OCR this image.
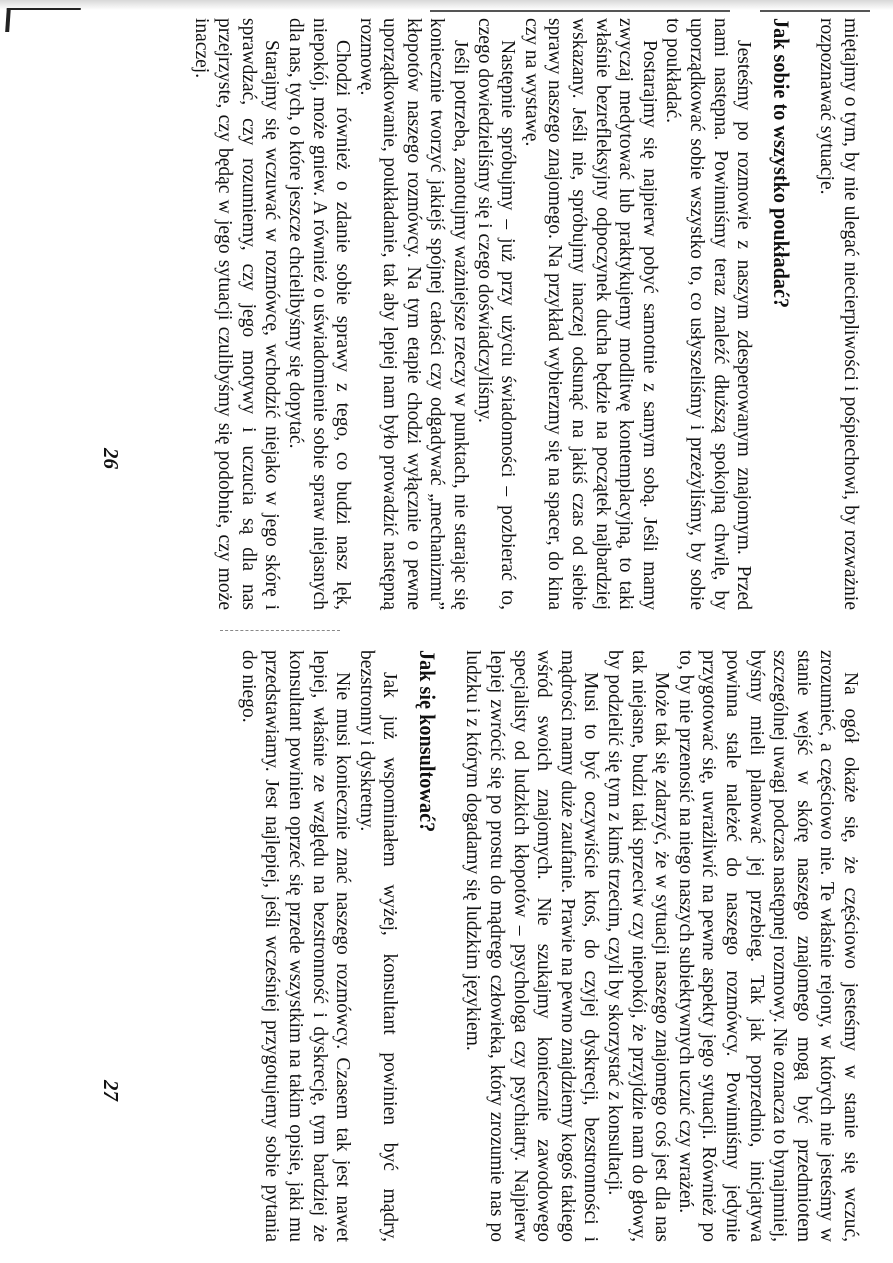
miętajmy o tym, by nie ulegać niecierpliwości i pośpiechowi, by rozważnie rozpoznawać sytuacje.

Jak sobie to wszystko poukładać?

Jesteśmy po rozmowie z naszym zdesperowanym znajomym. Przed nami następna. Powinniśmy teraz znaleźć dłuższą spokojną chwilę, by uporządkować sobie wszystko to, co usłyszeliśmy i przeżyliśmy, by sobie to poukładać.

Postarajmy się najpierw pobyć samotnie z samym sobą. Jeśli mamy zwyczaj medytować lub praktykujemy modlitwę kontemplacyjną, to taki właśnie bezrefleksyjny odpoczynek ducha będzie na początek najbardziej wskazany. Jeśli nie, spróbujmy inaczej odsunąć na jakiś czas od siebie sprawy naszego znajomego. Na przykład wybierzmy się na spacer, do kina czy na wystawę.

Następnie spróbujmy – już przy użyciu świadomości – pozbierać to, czego dowiedzieliśmy się i czego doświadczyliśmy.

Jeśli potrzeba, zanotujmy ważniejsze rzeczy w punktach, nie starając się koniecznie tworzyć jakiejś spójnej całości czy odgadywać „mechanizmu” kłopotów naszego rozmówcy. Na tym etapie chodzi wyłącznie o pewne uporządkowanie, poukładanie, tak aby lepiej nam było prowadzić następną rozmowę.

Chodzi również o zdanie sobie sprawy z tego, co budzi nasz lęk, niepokój, może gniew. A również o uświadomienie sobie spraw niejasnych dla nas, tych, o które jeszcze chcielibyśmy się dopytać.

Starajmy się wczuwać w rozmówcę, wchodzić niejako w jego skórę i sprawdzać, czy rozumiemy, czy jego motywy i uczucia są dla nas przejrzyste, czy będąc w jego sytuacji czulibyśmy się podobnie, czy może inaczej.

26

Na ogół okaże się, że częściowo jesteśmy w stanie się wczuć, zrozumieć, a częściowo nie. Te właśnie rejony, w których nie jesteśmy w stanie wejść w skórę naszego znajomego mogą być przedmiotem szczególnej uwagi podczas następnej rozmowy. Nie oznacza to bynajmniej, byśmy mieli planować jej przebieg. Tak jak poprzednio, inicjatywa powinna stale należeć do naszego rozmówcy. Powinniśmy jedynie przygotować się, uwrażliwić na pewne aspekty jego sytuacji. Również po to, by nie przenosić na niego naszych subiektywnych uczuć czy wrażeń.

Może tak się zdarzyć, że w sytuacji naszego znajomego coś jest dla nas tak niejasne, budzi taki sprzeciw czy niepokój, że przyjdzie nam do głowy, by podzielić się tym z kimś trzecim, czyli by skorzystać z konsultacji.

Musi to być oczywiście ktoś, do czyjej dyskrecji, bezstronności i mądrości mamy duże zaufanie. Prawie na pewno znajdziemy kogoś takiego wśród swoich znajomych. Nie szukajmy koniecznie zawodowego specjalisty od ludzkich kłopotów – psychologa czy psychiatry. Najpierw lepiej zwrócić się po prostu do mądrego człowieka, który zrozumie nas po ludzku i z którym dogadamy się ludzkim językiem.

Jak się konsultować?

Jak już wspominałem wyżej, konsultant powinien być mądry, bezstronny i dyskretny.

Nie musi koniecznie znać naszego rozmówcy. Czasem tak jest nawet lepiej, właśnie ze względu na bezstronność i dyskrecję, tym bardziej że konsultant powinien oprzeć się przede wszystkim na takim opisie, jaki mu przedstawiamy. Jest najlepiej, jeśli wcześniej przygotujemy sobie pytania do niego.

27
